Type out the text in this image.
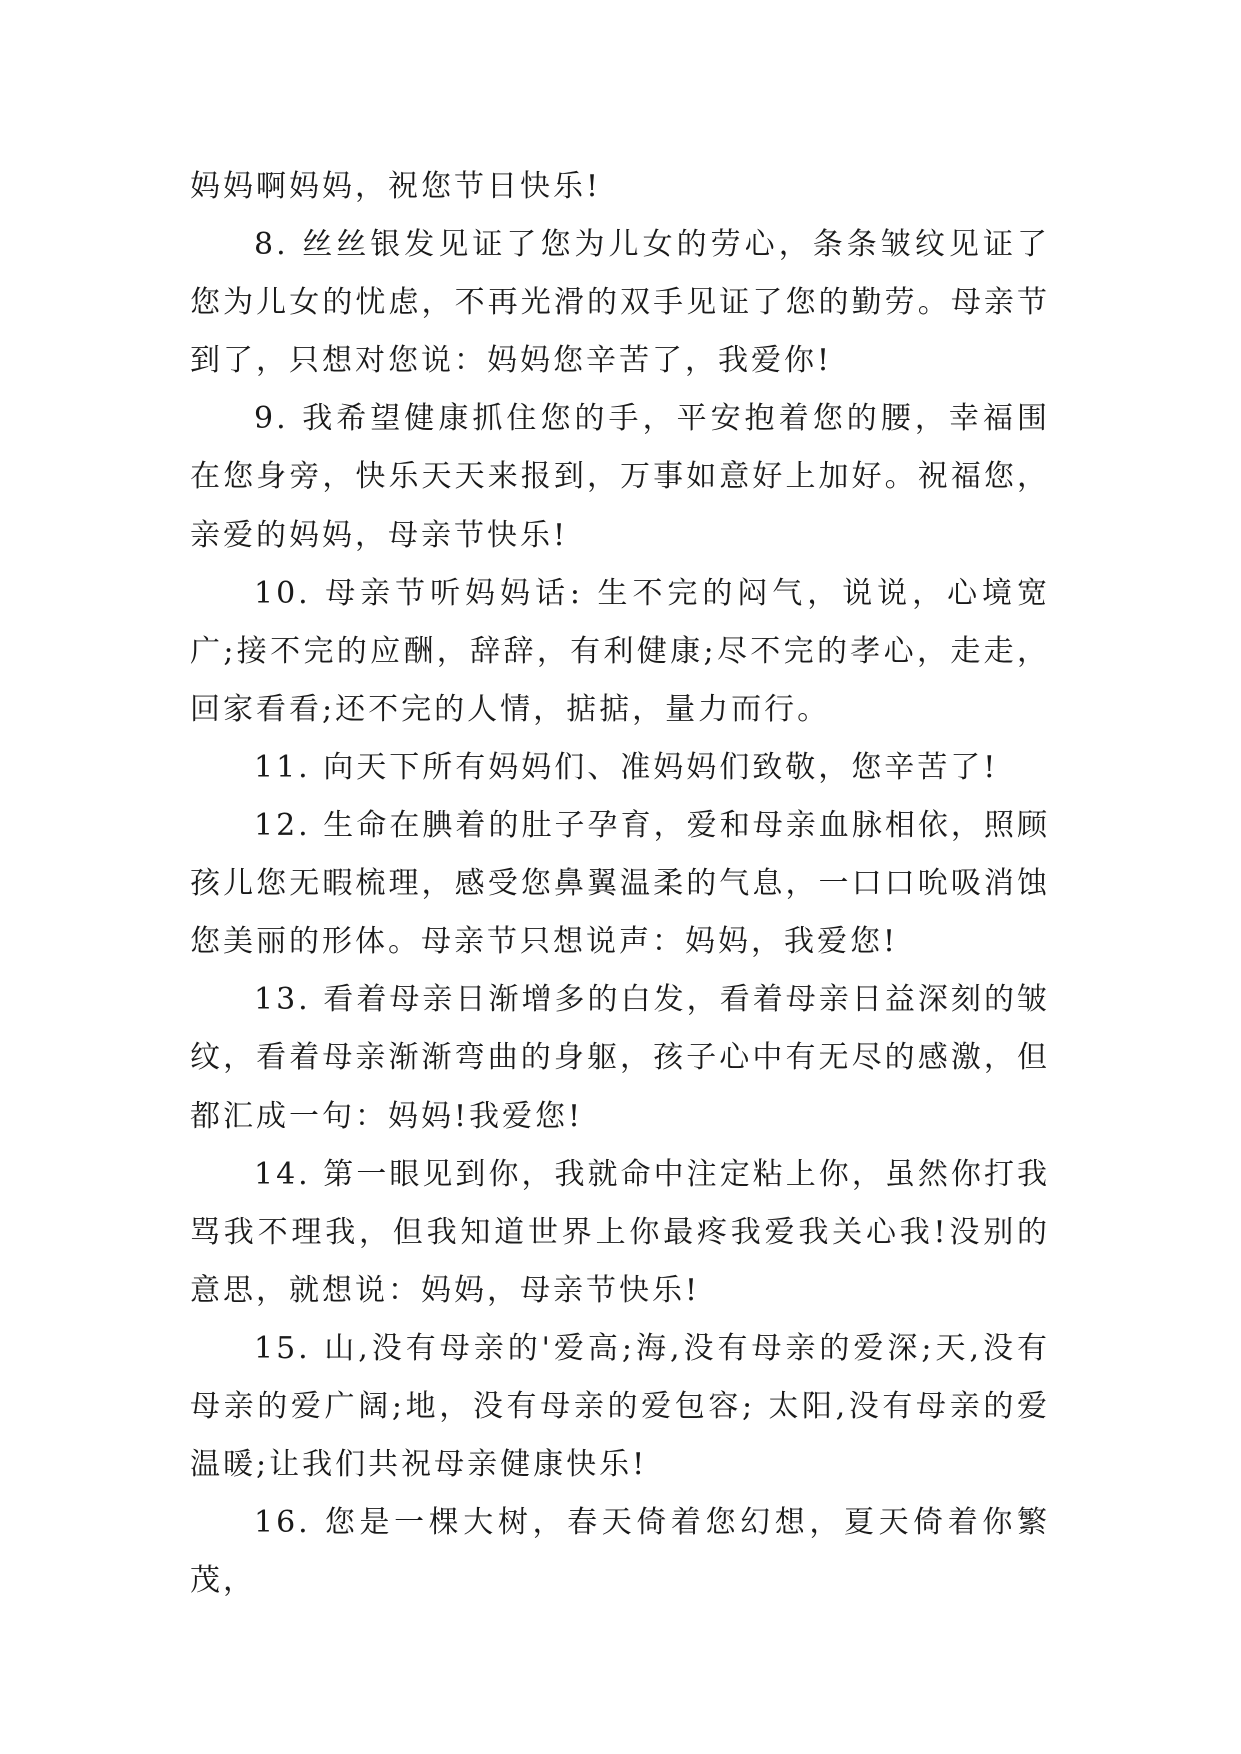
妈妈啊妈妈，祝您节日快乐!

8. 丝丝银发见证了您为儿女的劳心，条条皱纹见证了您为儿女的忧虑，不再光滑的双手见证了您的勤劳。母亲节到了，只想对您说：妈妈您辛苦了，我爱你!

9. 我希望健康抓住您的手，平安抱着您的腰，幸福围在您身旁，快乐天天来报到，万事如意好上加好。祝福您，亲爱的妈妈，母亲节快乐!

10. 母亲节听妈妈话: 生不完的闷气，说说，心境宽广;接不完的应酬，辞辞，有利健康;尽不完的孝心，走走，回家看看;还不完的人情，掂掂，量力而行。

11. 向天下所有妈妈们、准妈妈们致敬，您辛苦了!

12. 生命在腆着的肚子孕育，爱和母亲血脉相依，照顾孩儿您无暇梳理，感受您鼻翼温柔的气息，一口口吮吸消蚀您美丽的形体。母亲节只想说声：妈妈，我爱您!

13. 看着母亲日渐增多的白发，看着母亲日益深刻的皱纹，看着母亲渐渐弯曲的身躯，孩子心中有无尽的感激，但都汇成一句：妈妈!我爱您!

14. 第一眼见到你，我就命中注定粘上你，虽然你打我骂我不理我，但我知道世界上你最疼我爱我关心我!没别的意思，就想说：妈妈，母亲节快乐!

15. 山,没有母亲的'爱高;海,没有母亲的爱深;天,没有母亲的爱广阔;地，没有母亲的爱包容; 太阳,没有母亲的爱温暖;让我们共祝母亲健康快乐!

16. 您是一棵大树，春天倚着您幻想，夏天倚着你繁茂，
